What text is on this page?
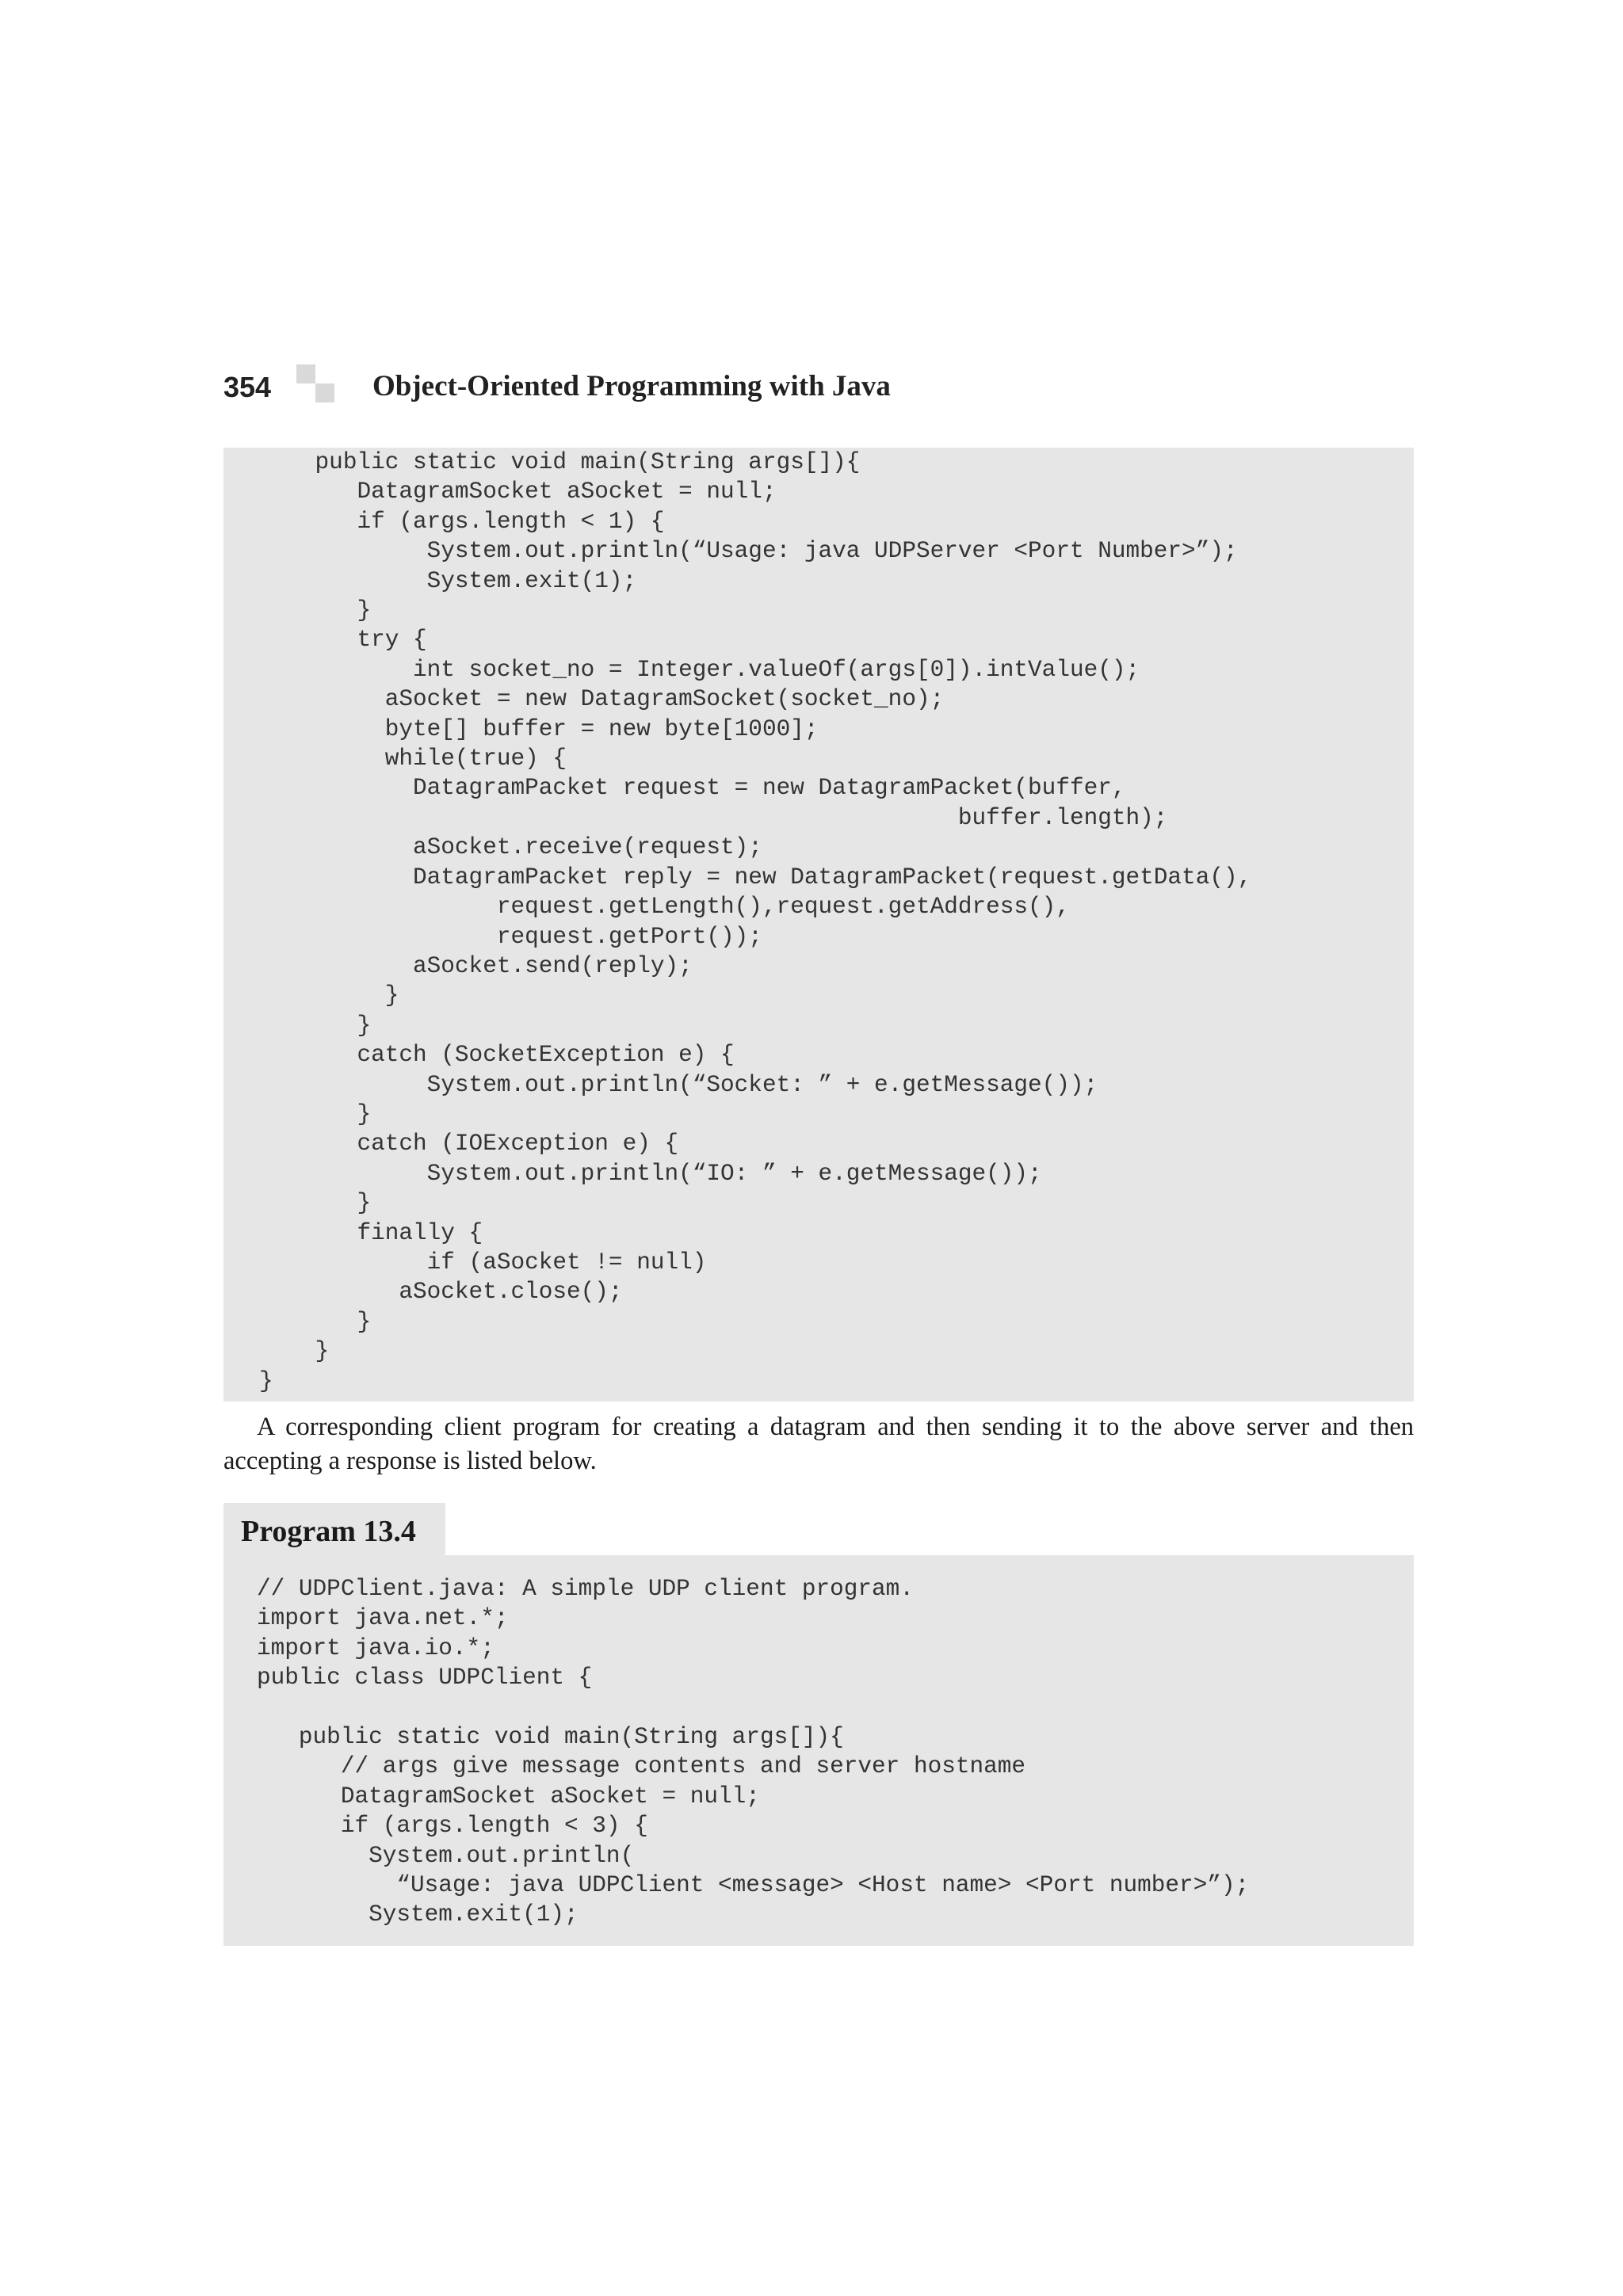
354	Object-Oriented Programming with Java
public static void main(String args[]){
DatagramSocket aSocket = null;
if (args.length < 1) {
System.out.println(“Usage: java UDPServer <Port Number>”);
System.exit(1);
}
try {
int socket_no = Integer.valueOf(args[0]).intValue();
aSocket = new DatagramSocket(socket_no);
byte[] buffer = new byte[1000];
while(true) {
DatagramPacket request = new DatagramPacket(buffer,
buffer.length);
aSocket.receive(request);
DatagramPacket reply = new DatagramPacket(request.getData(),
request.getLength(),request.getAddress(),
request.getPort());
aSocket.send(reply);
}
}
catch (SocketException e) {
System.out.println(“Socket: ” + e.getMessage());
}
catch (IOException e) {
System.out.println(“IO: ” + e.getMessage());
}
finally {
if (aSocket != null)
aSocket.close();
}
}
}
A corresponding client program for creating a datagram and then sending it to the above server and then accepting a response is listed below.
Program 13.4
// UDPClient.java: A simple UDP client program.
import java.net.*;
import java.io.*;
public class UDPClient {

public static void main(String args[]){
// args give message contents and server hostname
DatagramSocket aSocket = null;
if (args.length < 3) {
System.out.println(
“Usage: java UDPClient <message> <Host name> <Port number>”);
System.exit(1);
